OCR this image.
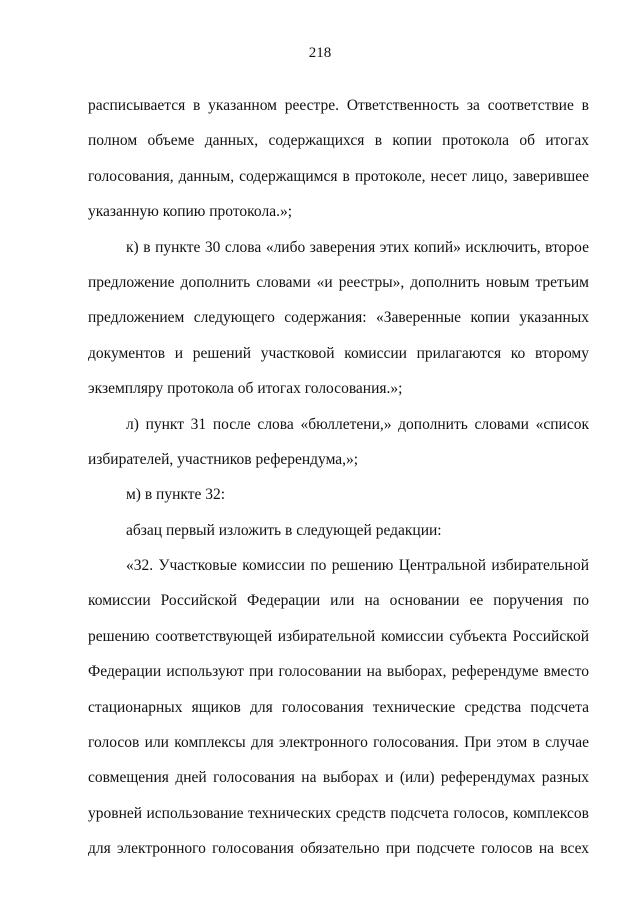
218
расписывается в указанном реестре. Ответственность за соответствие в
полном объеме данных, содержащихся в копии протокола об итогах
голосования, данным, содержащимся в протоколе, несет лицо, заверившее
указанную копию протокола.»;
к) в пункте 30 слова «либо заверения этих копий» исключить, второе
предложение дополнить словами «и реестры», дополнить новым третьим
предложением следующего содержания: «Заверенные копии указанных
документов и решений участковой комиссии прилагаются ко второму
экземпляру протокола об итогах голосования.»;
л) пункт 31 после слова «бюллетени,» дополнить словами «список
избирателей, участников референдума,»;
м) в пункте 32:
абзац первый изложить в следующей редакции:
«32. Участковые комиссии по решению Центральной избирательной
комиссии Российской Федерации или на основании ее поручения по
решению соответствующей избирательной комиссии субъекта Российской
Федерации используют при голосовании на выборах, референдуме вместо
стационарных ящиков для голосования технические средства подсчета
голосов или комплексы для электронного голосования. При этом в случае
совмещения дней голосования на выборах и (или) референдумах разных
уровней использование технических средств подсчета голосов, комплексов
для электронного голосования обязательно при подсчете голосов на всех
